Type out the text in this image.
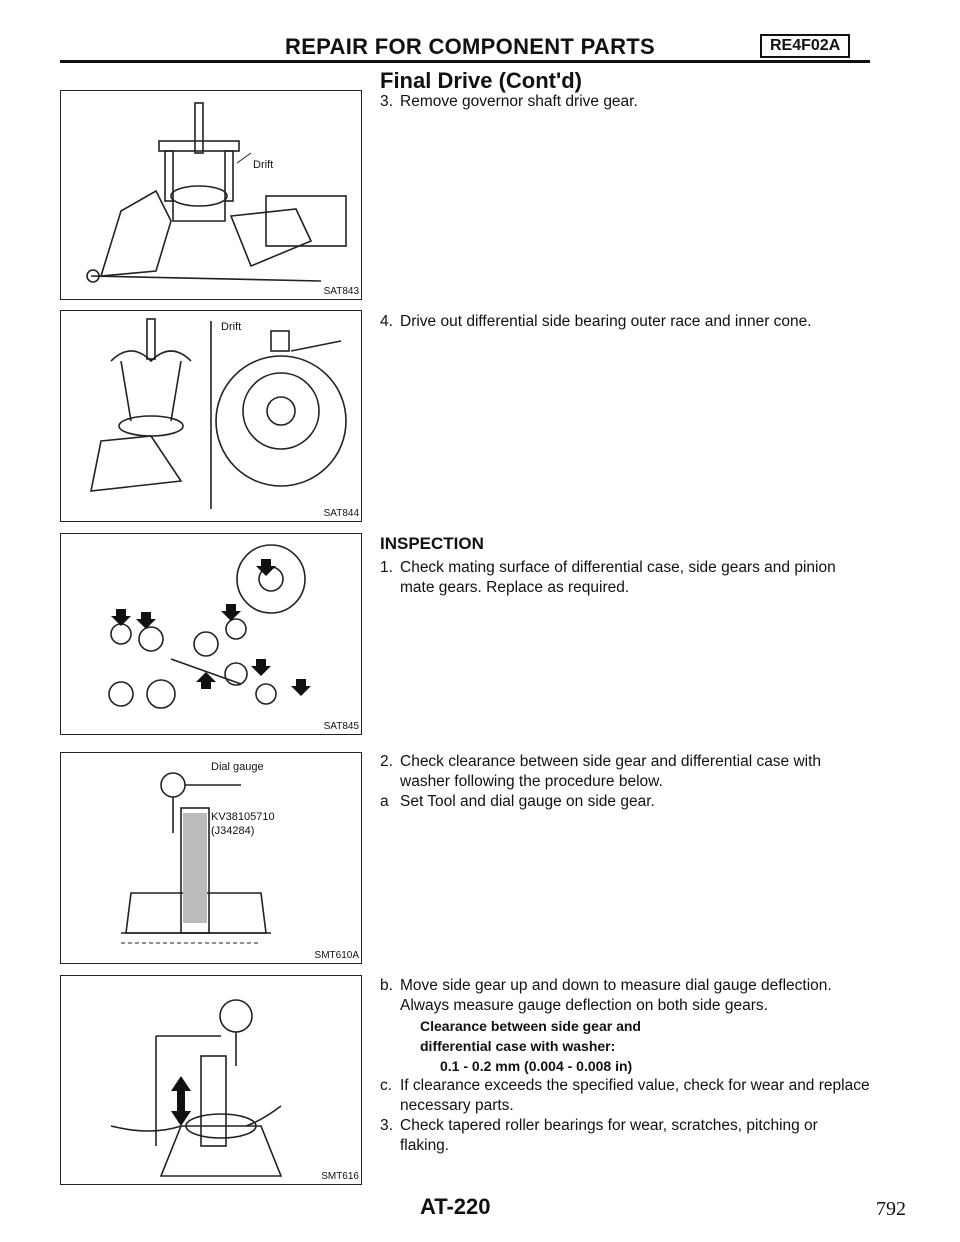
REPAIR FOR COMPONENT PARTS	RE4F02A
Final Drive (Cont'd)
Drift
SAT843
Drift
SAT844
SAT845
Dial gauge
KV38105710
(J34284)
SMT610A
SMT616
3. Remove governor shaft drive gear.
4. Drive out differential side bearing outer race and inner cone.
INSPECTION
1. Check mating surface of differential case, side gears and pinion mate gears. Replace as required.
2. Check clearance between side gear and differential case with washer following the procedure below.
a Set Tool and dial gauge on side gear.
b. Move side gear up and down to measure dial gauge deflection. Always measure gauge deflection on both side gears.
Clearance between side gear and
differential case with washer:
0.1 - 0.2 mm (0.004 - 0.008 in)
c. If clearance exceeds the specified value, check for wear and replace necessary parts.
3. Check tapered roller bearings for wear, scratches, pitching or flaking.
AT-220	792
